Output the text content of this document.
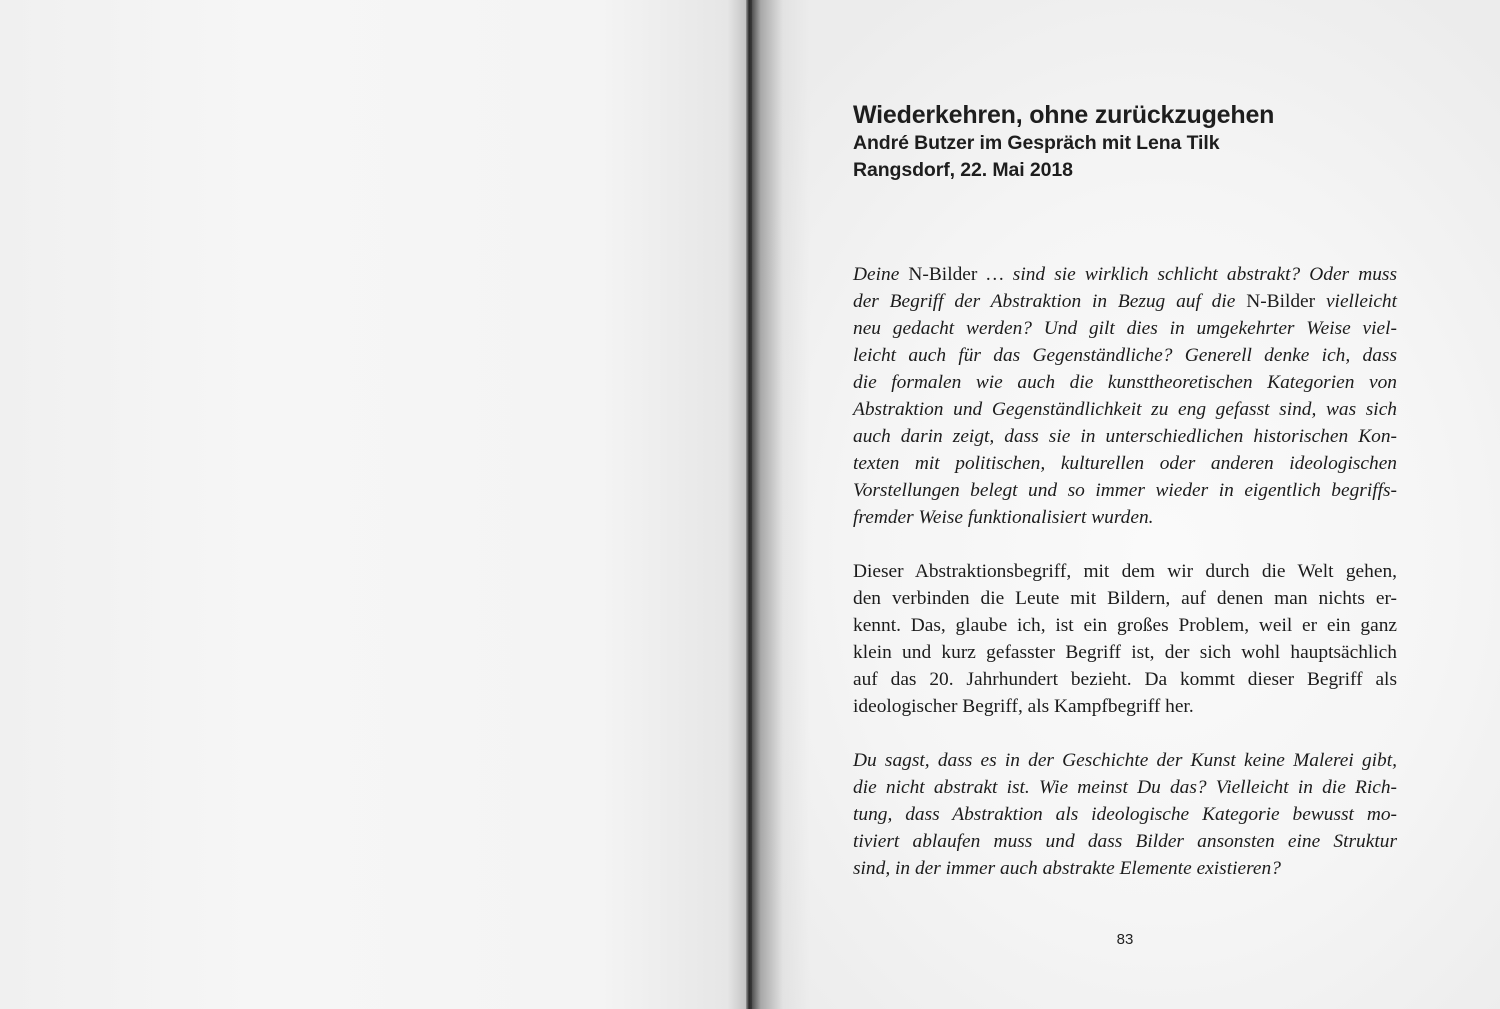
Wiederkehren, ohne zurückzugehen

André Butzer im Gespräch mit Lena Tilk

Rangsdorf, 22. Mai 2018

Deine N-Bilder … sind sie wirklich schlicht abstrakt? Oder muss
der Begriff der Abstraktion in Bezug auf die N-Bilder vielleicht
neu gedacht werden? Und gilt dies in umgekehrter Weise viel-
leicht auch für das Gegenständliche? Generell denke ich, dass
die formalen wie auch die kunsttheoretischen Kategorien von
Abstraktion und Gegenständlichkeit zu eng gefasst sind, was sich
auch darin zeigt, dass sie in unterschiedlichen historischen Kon-
texten mit politischen, kulturellen oder anderen ideologischen
Vorstellungen belegt und so immer wieder in eigentlich begriffs-
fremder Weise funktionalisiert wurden.
Dieser Abstraktionsbegriff, mit dem wir durch die Welt gehen,
den verbinden die Leute mit Bildern, auf denen man nichts er-
kennt. Das, glaube ich, ist ein großes Problem, weil er ein ganz
klein und kurz gefasster Begriff ist, der sich wohl hauptsächlich
auf das 20. Jahrhundert bezieht. Da kommt dieser Begriff als
ideologischer Begriff, als Kampfbegriff her.
Du sagst, dass es in der Geschichte der Kunst keine Malerei gibt,
die nicht abstrakt ist. Wie meinst Du das? Vielleicht in die Rich-
tung, dass Abstraktion als ideologische Kategorie bewusst mo-
tiviert ablaufen muss und dass Bilder ansonsten eine Struktur
sind, in der immer auch abstrakte Elemente existieren?
83
